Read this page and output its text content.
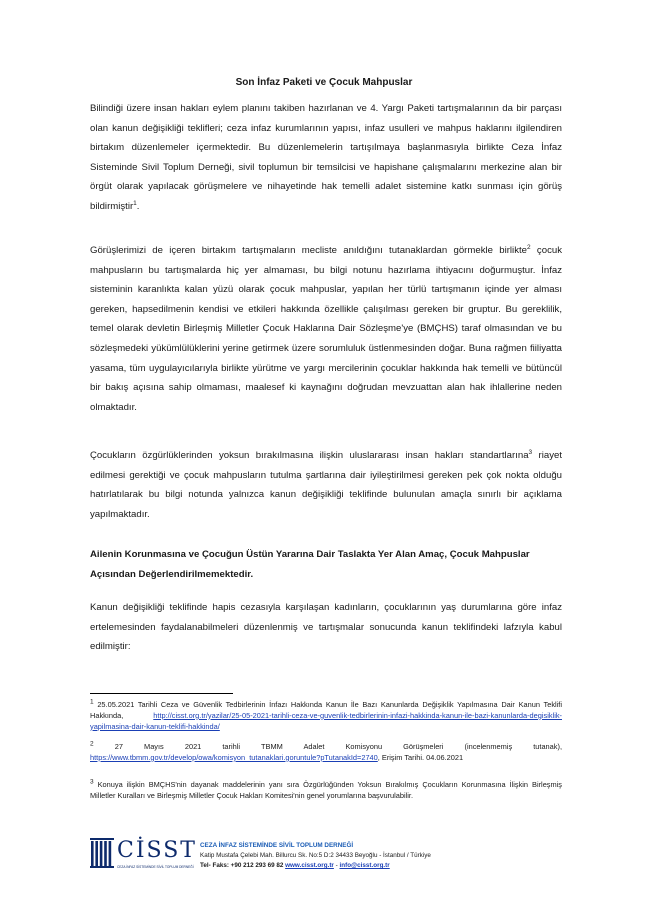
Son İnfaz Paketi ve Çocuk Mahpuslar

Bilindiği üzere insan hakları eylem planını takiben hazırlanan ve 4. Yargı Paketi tartışmalarının da bir parçası olan kanun değişikliği teklifleri; ceza infaz kurumlarının yapısı, infaz usulleri ve mahpus haklarını ilgilendiren birtakım düzenlemeler içermektedir. Bu düzenlemelerin tartışılmaya başlanmasıyla birlikte Ceza İnfaz Sisteminde Sivil Toplum Derneği, sivil toplumun bir temsilcisi ve hapishane çalışmalarını merkezine alan bir örgüt olarak yapılacak görüşmelere ve nihayetinde hak temelli adalet sistemine katkı sunması için görüş bildirmiştir$^1$.

Görüşlerimizi de içeren birtakım tartışmaların mecliste anıldığını tutanaklardan görmekle birlikte$^2$ çocuk mahpusların bu tartışmalarda hiç yer almaması, bu bilgi notunu hazırlama ihtiyacını doğurmuştur. İnfaz sisteminin karanlıkta kalan yüzü olarak çocuk mahpuslar, yapılan her türlü tartışmanın içinde yer alması gereken, hapsedilmenin kendisi ve etkileri hakkında özellikle çalışılması gereken bir gruptur. Bu gereklilik, temel olarak devletin Birleşmiş Milletler Çocuk Haklarına Dair Sözleşme'ye (BMÇHS) taraf olmasından ve bu sözleşmedeki yükümlülüklerini yerine getirmek üzere sorumluluk üstlenmesinden doğar. Buna rağmen fiiliyatta yasama, tüm uygulayıcılarıyla birlikte yürütme ve yargı mercilerinin çocuklar hakkında hak temelli ve bütüncül bir bakış açısına sahip olmaması, maalesef ki kaynağını doğrudan mevzuattan alan hak ihlallerine neden olmaktadır.

Çocukların özgürlüklerinden yoksun bırakılmasına ilişkin uluslararası insan hakları standartlarına$^3$ riayet edilmesi gerektiği ve çocuk mahpusların tutulma şartlarına dair iyileştirilmesi gereken pek çok nokta olduğu hatırlatılarak bu bilgi notunda yalnızca kanun değişikliği teklifinde bulunulan amaçla sınırlı bir açıklama yapılmaktadır.

Ailenin Korunmasına ve Çocuğun Üstün Yararına Dair Taslakta Yer Alan Amaç, Çocuk Mahpuslar Açısından Değerlendirilmemektedir.

Kanun değişikliği teklifinde hapis cezasıyla karşılaşan kadınların, çocuklarının yaş durumlarına göre infaz ertelemesinden faydalanabilmeleri düzenlenmiş ve tartışmalar sonucunda kanun teklifindeki lafzıyla kabul edilmiştir:

$^1$ 25.05.2021 Tarihli Ceza ve Güvenlik Tedbirlerinin İnfazı Hakkında Kanun İle Bazı Kanunlarda Değişiklik Yapılmasına Dair Kanun Teklifi Hakkında, http://cisst.org.tr/yazilar/25-05-2021-tarihli-ceza-ve-guvenlik-tedbirlerinin-infazi-hakkinda-kanun-ile-bazi-kanunlarda-degisiklik-yapilmasina-dair-kanun-teklifi-hakkinda/

$^2$ 27 Mayıs 2021 tarihli TBMM Adalet Komisyonu Görüşmeleri (incelenmemiş tutanak), https://www.tbmm.gov.tr/develop/owa/komisyon_tutanaklari.goruntule?pTutanakId=2740, Erişim Tarihi. 04.06.2021

$^3$ Konuya ilişkin BMÇHS'nin dayanak maddelerinin yanı sıra Özgürlüğünden Yoksun Bırakılmış Çocukların Korunmasına İlişkin Birleşmiş Milletler Kuralları ve Birleşmiş Milletler Çocuk Hakları Komitesi'nin genel yorumlarına başvurulabilir.

CİSST
CEZA İNFAZ SİSTEMİNDE SİVİL TOPLUM DERNEĞİ
CEZA İNFAZ SİSTEMİNDE SİVİL TOPLUM DERNEĞİ
Katip Mustafa Çelebi Mah. Billurcu Sk. No:5 D:2 34433 Beyoğlu - İstanbul / Türkiye
Tel- Faks: +90 212 293 69 82 www.cisst.org.tr - info@cisst.org.tr
